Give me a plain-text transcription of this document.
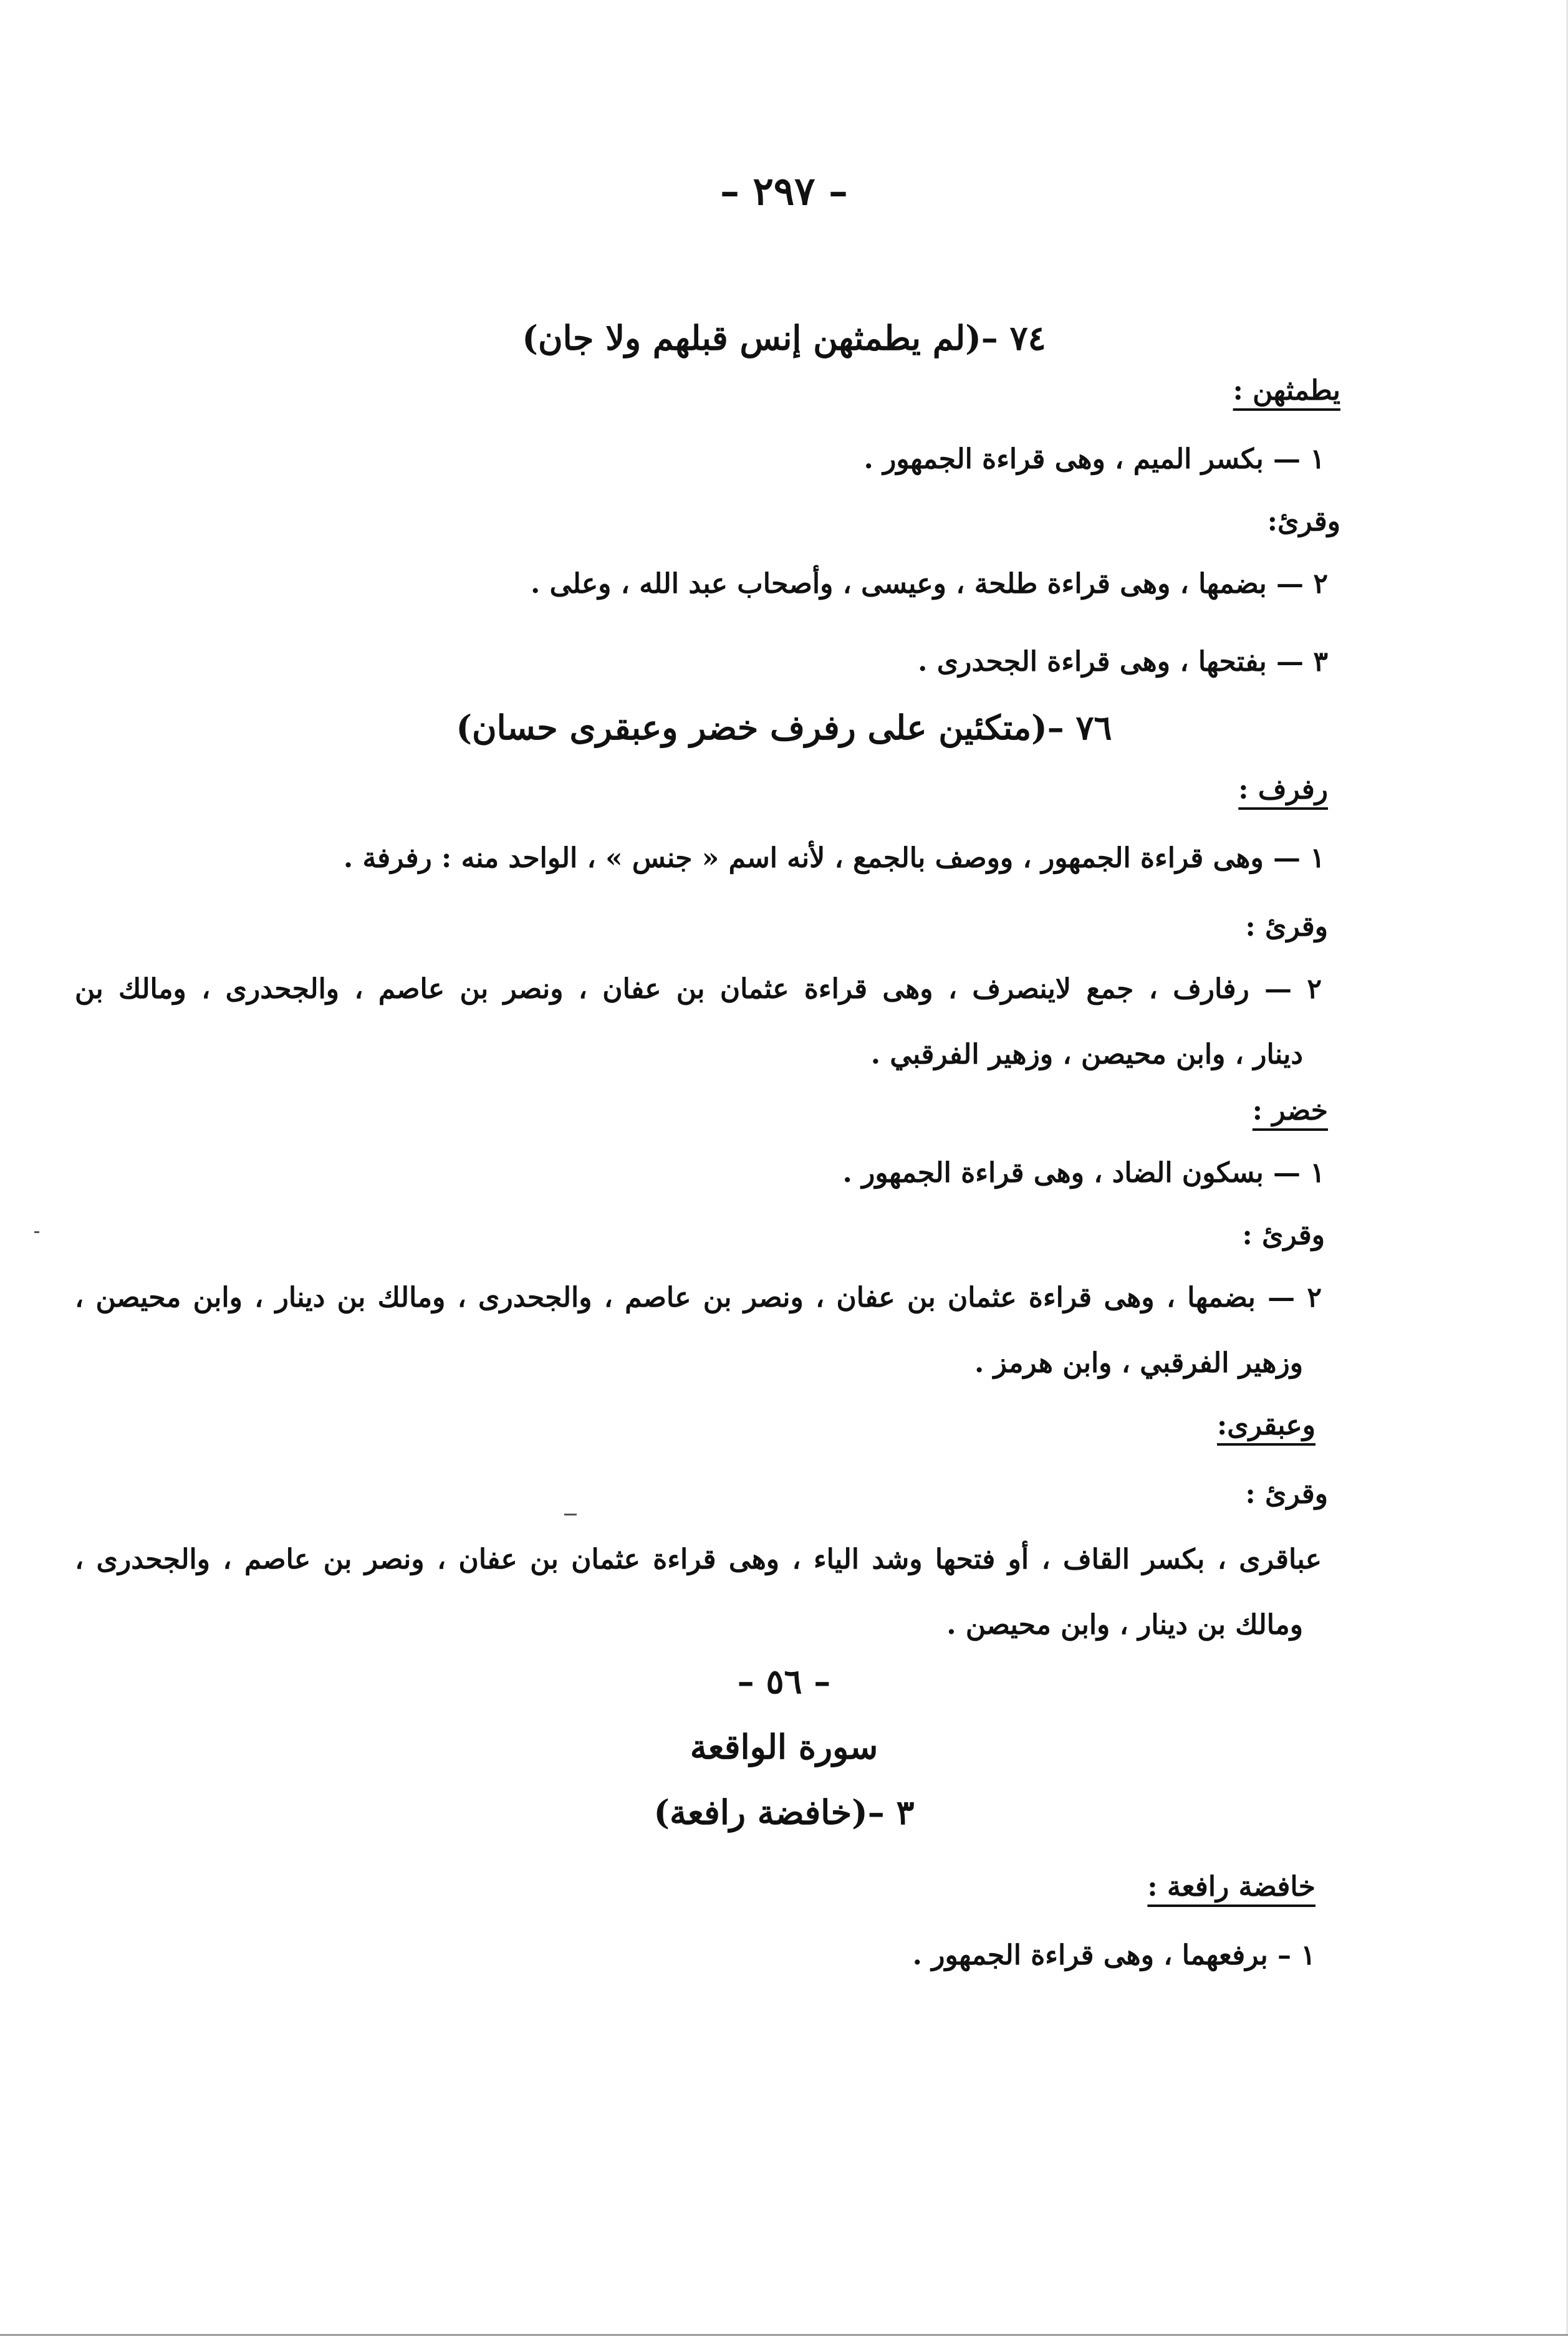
– ٢٩٧ –
٧٤ –(لم يطمثهن إنس قبلهم ولا جان)
يطمثهن :
١ — بكسر الميم ، وهى قراءة الجمهور .
وقرئ:
٢ — بضمها ، وهى قراءة طلحة ، وعيسى ، وأصحاب عبد الله ، وعلى .
٣ — بفتحها ، وهى قراءة الجحدرى .
٧٦ –(متكئين على رفرف خضر وعبقرى حسان)
رفرف :
١ — وهى قراءة الجمهور ، ووصف بالجمع ، لأنه اسم « جنس » ، الواحد منه : رفرفة .
وقرئ :
٢ — رفارف ، جمع لاينصرف ، وهى قراءة عثمان بن عفان ، ونصر بن عاصم ، والجحدرى ، ومالك بن
دينار ، وابن محيصن ، وزهير الفرقبي .
خضر :
١ — بسكون الضاد ، وهى قراءة الجمهور .
وقرئ :
٢ — بضمها ، وهى قراءة عثمان بن عفان ، ونصر بن عاصم ، والجحدرى ، ومالك بن دينار ، وابن محيصن ،
وزهير الفرقبي ، وابن هرمز .
وعبقرى:
وقرئ :
عباقرى ، بكسر القاف ، أو فتحها وشد الياء ، وهى قراءة عثمان بن عفان ، ونصر بن عاصم ، والجحدرى ،
ومالك بن دينار ، وابن محيصن .
– ٥٦ –
سورة الواقعة
٣ –(خافضة رافعة)
خافضة رافعة :
١ – برفعهما ، وهى قراءة الجمهور .
